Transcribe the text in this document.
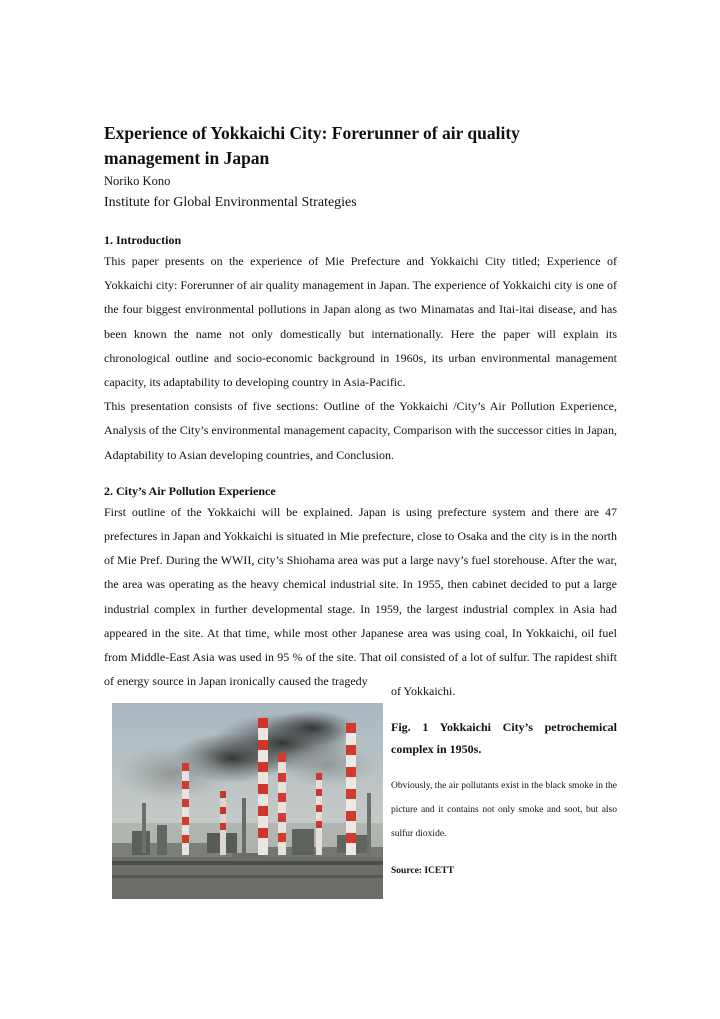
Experience of Yokkaichi City: Forerunner of air quality management in Japan

Noriko Kono

Institute for Global Environmental Strategies

1. Introduction

This paper presents on the experience of Mie Prefecture and Yokkaichi City titled; Experience of Yokkaichi city: Forerunner of air quality management in Japan. The experience of Yokkaichi city is one of the four biggest environmental pollutions in Japan along as two Minamatas and Itai-itai disease, and has been known the name not only domestically but internationally. Here the paper will explain its chronological outline and socio-economic background in 1960s, its urban environmental management capacity, its adaptability to developing country in Asia-Pacific.

This presentation consists of five sections: Outline of the Yokkaichi /City’s Air Pollution Experience, Analysis of the City’s environmental management capacity, Comparison with the successor cities in Japan, Adaptability to Asian developing countries, and Conclusion.

2. City’s Air Pollution Experience

First outline of the Yokkaichi will be explained. Japan is using prefecture system and there are 47 prefectures in Japan and Yokkaichi is situated in Mie prefecture, close to Osaka and the city is in the north of Mie Pref. During the WWII, city’s Shiohama area was put a large navy’s fuel storehouse. After the war, the area was operating as the heavy chemical industrial site. In 1955, then cabinet decided to put a large industrial complex in further developmental stage. In 1959, the largest industrial complex in Asia had appeared in the site. At that time, while most other Japanese area was using coal, In Yokkaichi, oil fuel from Middle-East Asia was used in 95 % of the site. That oil consisted of a lot of sulfur. The rapidest shift of energy source in Japan ironically caused the tragedy

of Yokkaichi.

Fig. 1 Yokkaichi City’s petrochemical complex in 1950s.

Obviously, the air pollutants exist in the black smoke in the picture and it contains not only smoke and soot, but also sulfur dioxide.

Source: ICETT
